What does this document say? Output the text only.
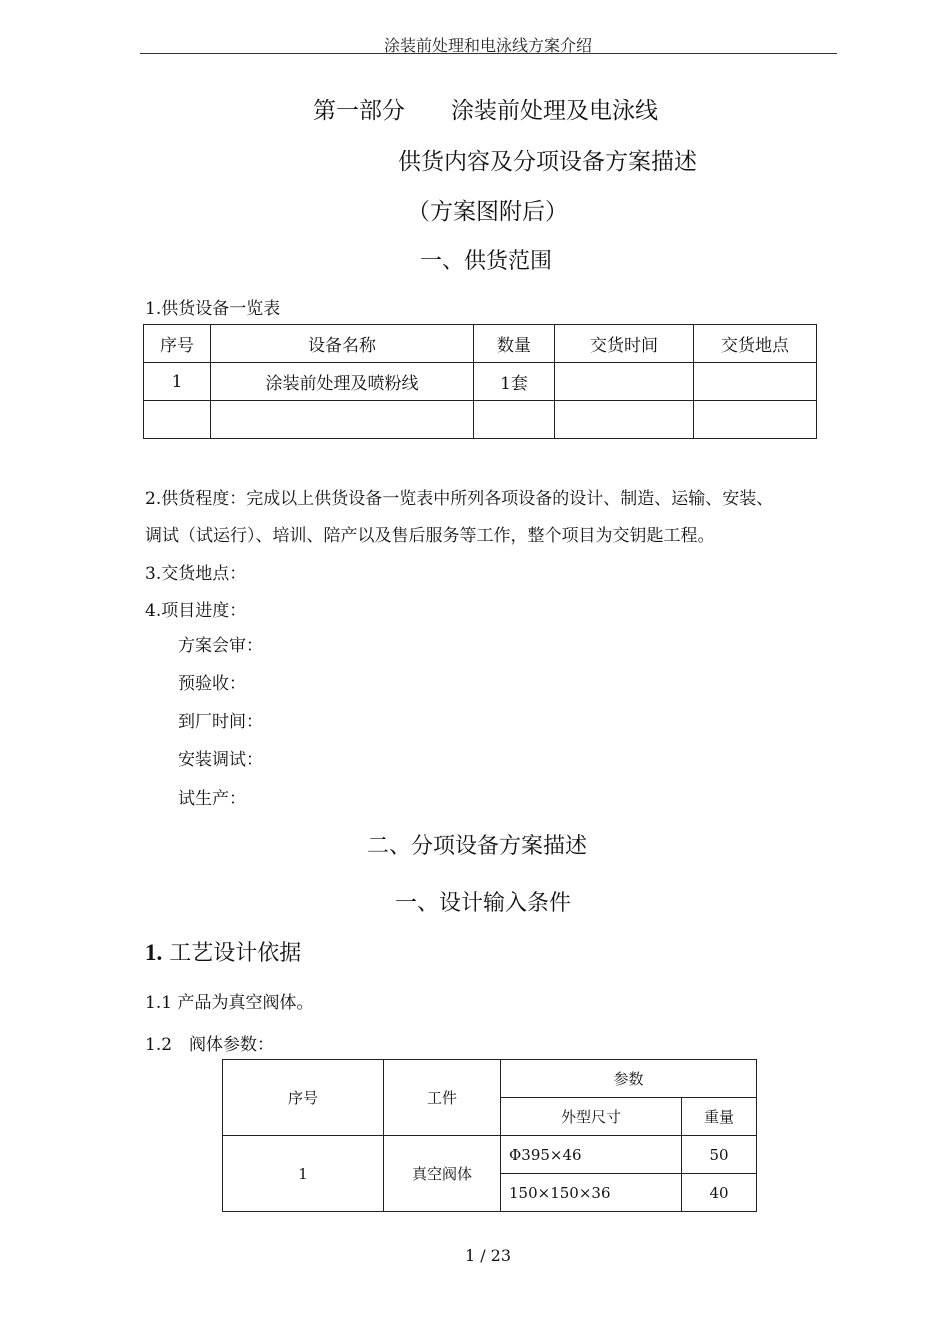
涂装前处理和电泳线方案介绍
第一部分　　涂装前处理及电泳线
供货内容及分项设备方案描述
（方案图附后）
一、供货范围
1.供货设备一览表
序号	设备名称	数量	交货时间	交货地点
1	涂装前处理及喷粉线	1套		

2.供货程度：完成以上供货设备一览表中所列各项设备的设计、制造、运输、安装、
调试（试运行）、培训、陪产以及售后服务等工作，整个项目为交钥匙工程。
3.交货地点：
4.项目进度：
方案会审：
预验收：
到厂时间：
安装调试：
试生产：
二、分项设备方案描述
一、设计输入条件
1. 工艺设计依据
1.1 产品为真空阀体。
1.2　阀体参数：
序号	工件	参数	
		外型尺寸	重量
1	真空阀体	Φ395×46	50
		150×150×36	40
1 / 23
